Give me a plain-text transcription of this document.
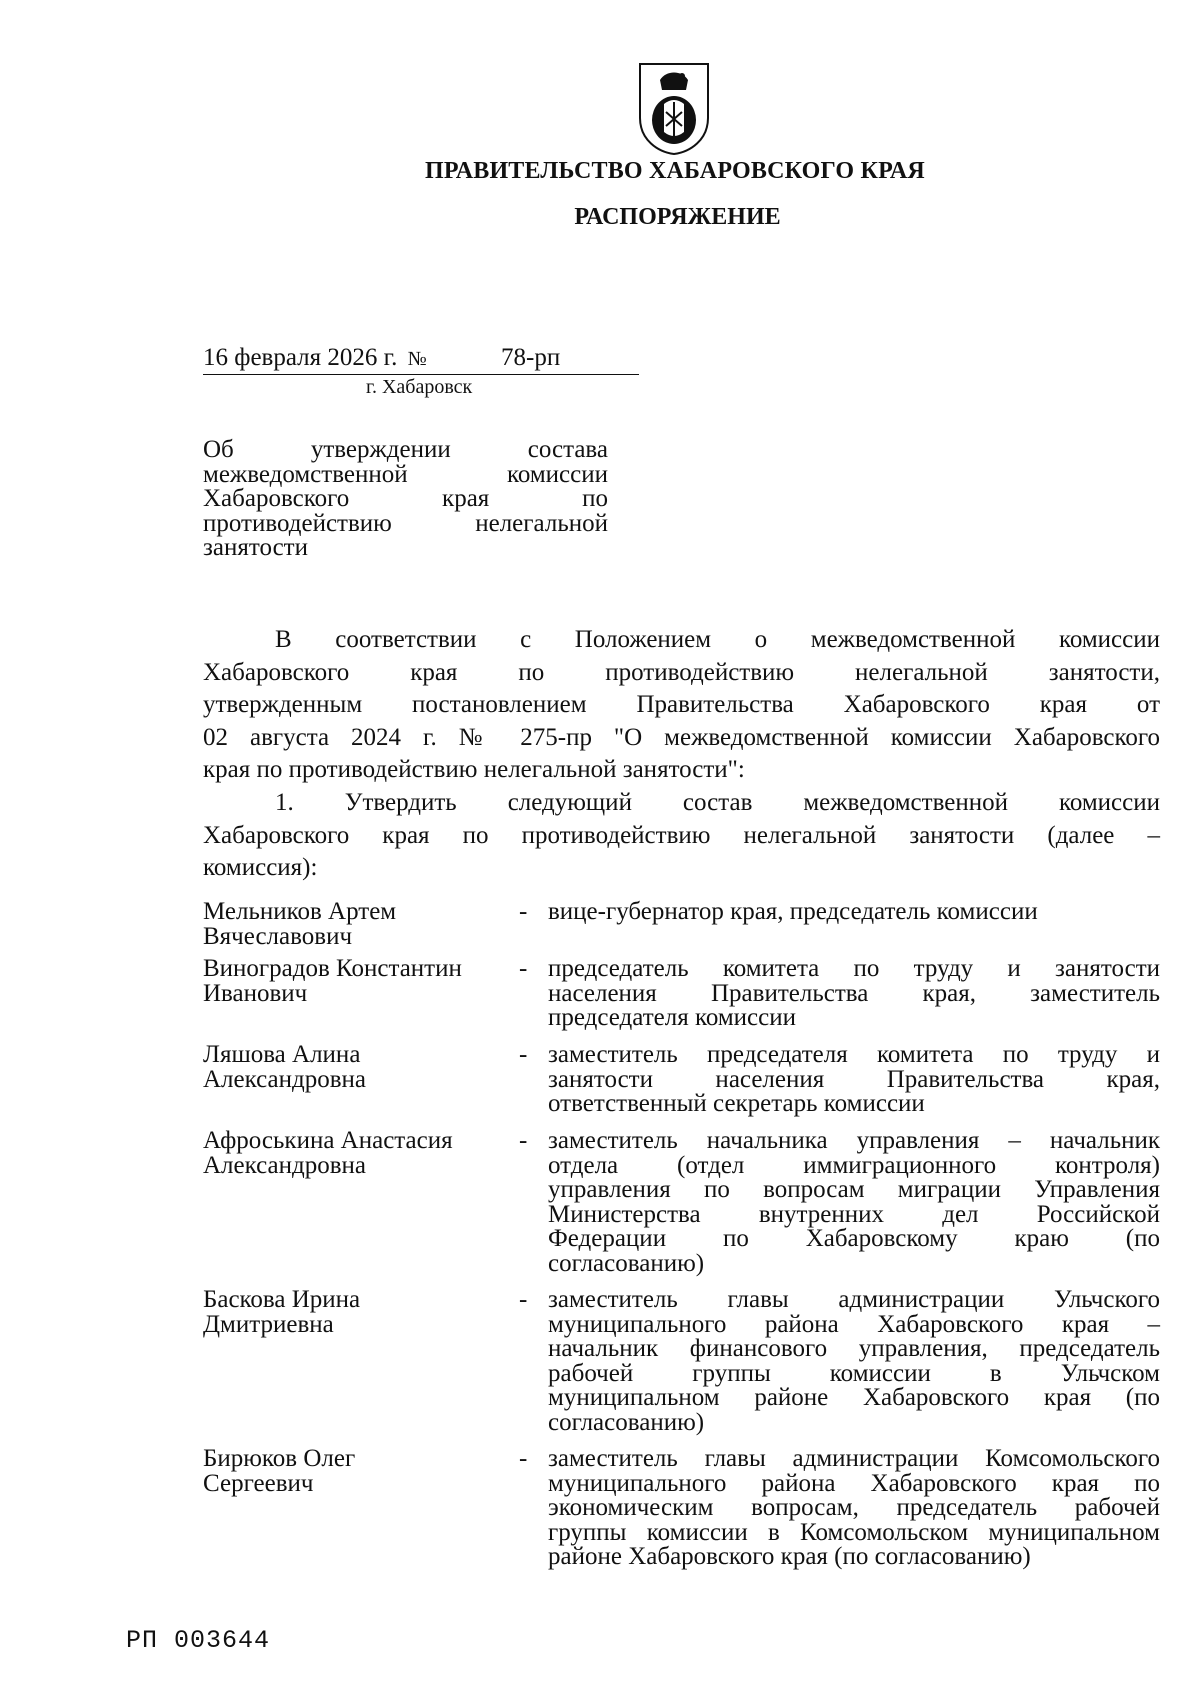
ПРАВИТЕЛЬСТВО ХАБАРОВСКОГО КРАЯ
РАСПОРЯЖЕНИЕ
16 февраля 2026 г. №	78-рп
г. Хабаровск
Об утверждении состава
межведомственной комиссии
Хабаровского края по
противодействию нелегальной
занятости
В соответствии с Положением о межведомственной комиссии
Хабаровского края по противодействию нелегальной занятости,
утвержденным постановлением Правительства Хабаровского края от
02 августа 2024 г. № 275-пр "О межведомственной комиссии Хабаровского
края по противодействию нелегальной занятости":
1. Утвердить следующий состав межведомственной комиссии
Хабаровского края по противодействию нелегальной занятости (далее –
комиссия):
Мельников Артем
Вячеславович
- вице-губернатор края, председатель комиссии
Виноградов Константин
Иванович
- председатель комитета по труду и занятости
населения Правительства края, заместитель
председателя комиссии
Ляшова Алина
Александровна
- заместитель председателя комитета по труду и
занятости населения Правительства края,
ответственный секретарь комиссии
Афроськина Анастасия
Александровна
- заместитель начальника управления – начальник
отдела (отдел иммиграционного контроля)
управления по вопросам миграции Управления
Министерства внутренних дел Российской
Федерации по Хабаровскому краю (по
согласованию)
Баскова Ирина
Дмитриевна
- заместитель главы администрации Ульчского
муниципального района Хабаровского края –
начальник финансового управления, председатель
рабочей группы комиссии в Ульчском
муниципальном районе Хабаровского края (по
согласованию)
Бирюков Олег
Сергеевич
- заместитель главы администрации Комсомольского
муниципального района Хабаровского края по
экономическим вопросам, председатель рабочей
группы комиссии в Комсомольском муниципальном
районе Хабаровского края (по согласованию)
РП 003644
